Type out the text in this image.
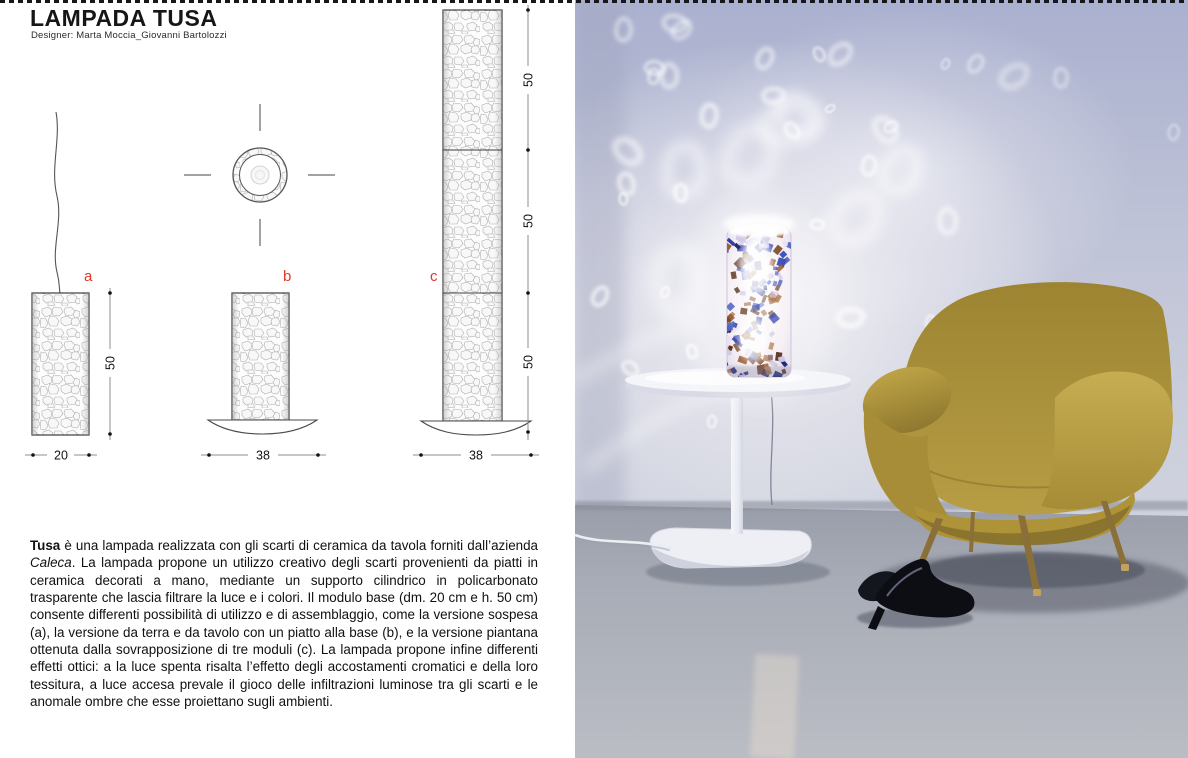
a
50
20
b
38
c
50
50
50
38
LAMPADA TUSA
Designer: Marta Moccia_Giovanni Bartolozzi

Tusa è una lampada realizzata con gli scarti di ceramica da tavola forniti dall’azienda Caleca. La lampada propone un utilizzo creativo degli scarti provenienti da piatti in ceramica decorati a mano, mediante un supporto cilindrico in policarbonato trasparente che lascia filtrare la luce e i colori. Il modulo base (dm. 20 cm e h. 50 cm) consente differenti possibilità di utilizzo e di assemblaggio, come la versione sospesa (a), la versione da terra e da tavolo con un piatto alla base (b), e la versione piantana ottenuta dalla sovrapposizione di tre moduli (c). La lampada propone infine differenti effetti ottici: a la luce spenta risalta l’effetto degli accostamenti cromatici e della loro tessitura, a luce accesa prevale il gioco delle infiltrazioni luminose tra gli scarti e le anomale ombre che esse proiettano sugli ambienti.
